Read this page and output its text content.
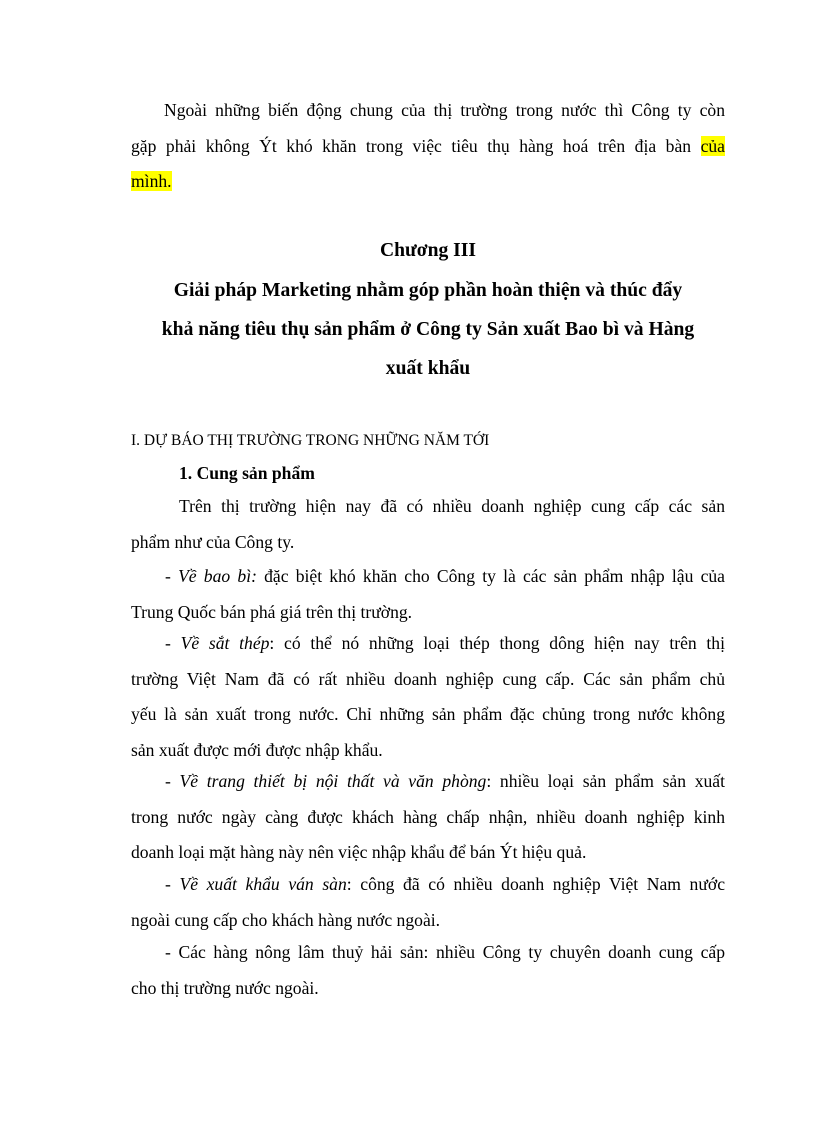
Ngoài những biến động chung của thị trường trong nước thì Công ty còn
gặp phải không Ýt khó khăn trong việc tiêu thụ hàng hoá trên địa bàn của
mình.
Chương III
Giải pháp Marketing nhằm góp phần hoàn thiện và thúc đẩy
khả năng tiêu thụ sản phẩm ở Công ty Sản xuất Bao bì và Hàng
xuất khẩu
I. DỰ BÁO THỊ TRƯỜNG TRONG NHỮNG NĂM TỚI
1. Cung sản phẩm
Trên thị trường hiện nay đã có nhiều doanh nghiệp cung cấp các sản
phẩm như của Công ty.
- Về bao bì: đặc biệt khó khăn cho Công ty là các sản phẩm nhập lậu của
Trung Quốc bán phá giá trên thị trường.
- Về sắt thép: có thể nó những loại thép thong dông hiện nay trên thị
trường Việt Nam đã có rất nhiều doanh nghiệp cung cấp. Các sản phẩm chủ
yếu là sản xuất trong nước. Chỉ những sản phẩm đặc chủng trong nước không
sản xuất được mới được nhập khẩu.
- Về trang thiết bị nội thất và văn phòng: nhiều loại sản phẩm sản xuất
trong nước ngày càng được khách hàng chấp nhận, nhiều doanh nghiệp kinh
doanh loại mặt hàng này nên việc nhập khẩu để bán Ýt hiệu quả.
- Về xuất khẩu ván sàn: công đã có nhiều doanh nghiệp Việt Nam nước
ngoài cung cấp cho khách hàng nước ngoài.
- Các hàng nông lâm thuỷ hải sản: nhiều Công ty chuyên doanh cung cấp
cho thị trường nước ngoài.
